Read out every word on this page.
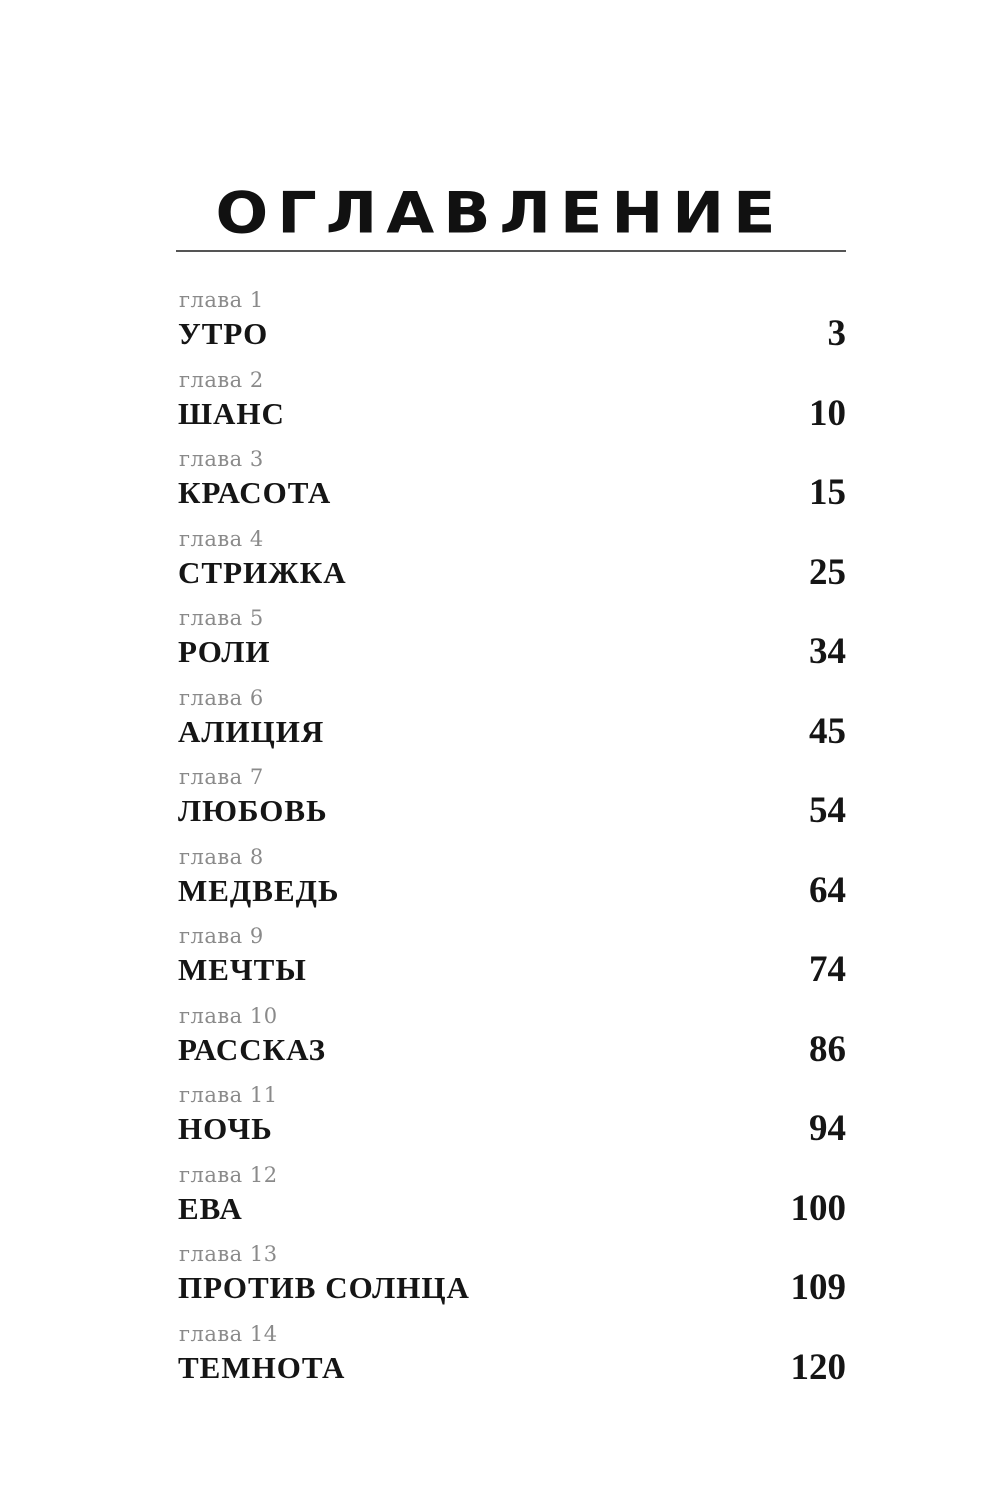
ОГЛАВЛЕНИЕ
глава 1
УТРО	3
глава 2
ШАНС	10
глава 3
КРАСОТА	15
глава 4
СТРИЖКА	25
глава 5
РОЛИ	34
глава 6
АЛИЦИЯ	45
глава 7
ЛЮБОВЬ	54
глава 8
МЕДВЕДЬ	64
глава 9
МЕЧТЫ	74
глава 10
РАССКАЗ	86
глава 11
НОЧЬ	94
глава 12
ЕВА	100
глава 13
ПРОТИВ СОЛНЦА	109
глава 14
ТЕМНОТА	120
